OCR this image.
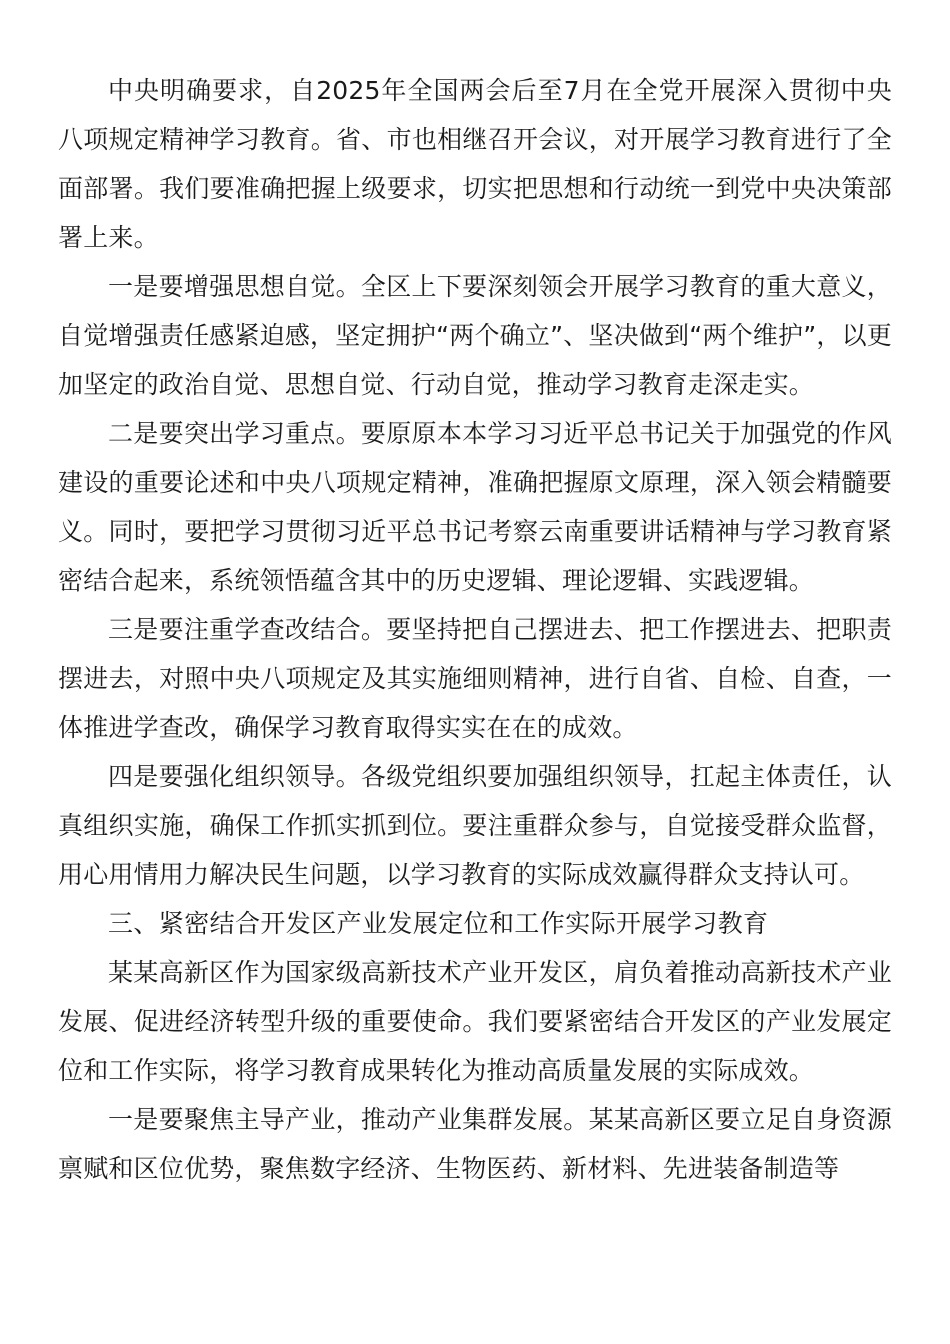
中央明确要求，自2025年全国两会后至7月在全党开展深入贯彻中央八项规定精神学习教育。省、市也相继召开会议，对开展学习教育进行了全面部署。我们要准确把握上级要求，切实把思想和行动统一到党中央决策部署上来。

一是要增强思想自觉。全区上下要深刻领会开展学习教育的重大意义，自觉增强责任感紧迫感，坚定拥护“两个确立”、坚决做到“两个维护”，以更加坚定的政治自觉、思想自觉、行动自觉，推动学习教育走深走实。

二是要突出学习重点。要原原本本学习习近平总书记关于加强党的作风建设的重要论述和中央八项规定精神，准确把握原文原理，深入领会精髓要义。同时，要把学习贯彻习近平总书记考察云南重要讲话精神与学习教育紧密结合起来，系统领悟蕴含其中的历史逻辑、理论逻辑、实践逻辑。

三是要注重学查改结合。要坚持把自己摆进去、把工作摆进去、把职责摆进去，对照中央八项规定及其实施细则精神，进行自省、自检、自查，一体推进学查改，确保学习教育取得实实在在的成效。

四是要强化组织领导。各级党组织要加强组织领导，扛起主体责任，认真组织实施，确保工作抓实抓到位。要注重群众参与，自觉接受群众监督，用心用情用力解决民生问题，以学习教育的实际成效赢得群众支持认可。

三、紧密结合开发区产业发展定位和工作实际开展学习教育

某某高新区作为国家级高新技术产业开发区，肩负着推动高新技术产业发展、促进经济转型升级的重要使命。我们要紧密结合开发区的产业发展定位和工作实际，将学习教育成果转化为推动高质量发展的实际成效。

一是要聚焦主导产业，推动产业集群发展。某某高新区要立足自身资源禀赋和区位优势，聚焦数字经济、生物医药、新材料、先进装备制造等
